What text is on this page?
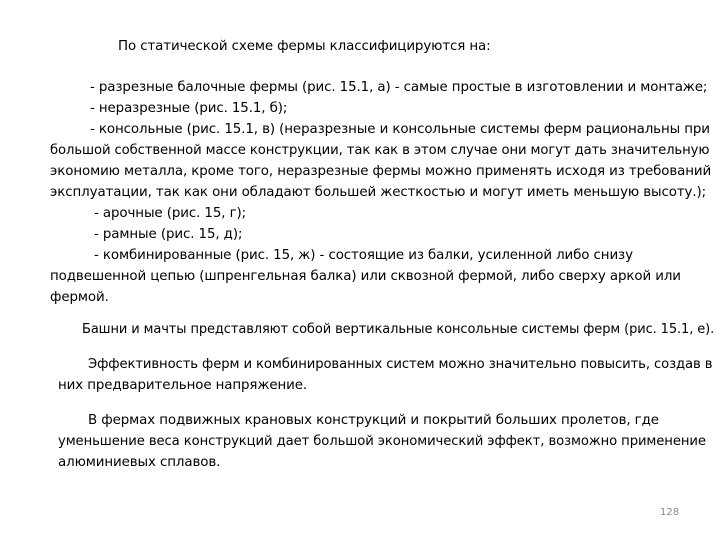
По статической схеме фермы классифицируются на:
- разрезные балочные фермы (рис. 15.1, а) - самые простые в изготовлении и монтаже;
- неразрезные (рис. 15.1, б);
- консольные (рис. 15.1, в) (неразрезные и консольные системы ферм рациональны при
большой собственной массе конструкции, так как в этом случае они могут дать значительную
экономию металла, кроме того, неразрезные фермы можно применять исходя из требований
эксплуатации, так как они обладают большей жесткостью и могут иметь меньшую высоту.);
- арочные (рис. 15, г);
- рамные (рис. 15, д);
- комбинированные (рис. 15, ж) - состоящие из балки, усиленной либо снизу
подвешенной цепью (шпренгельная балка) или сквозной фермой, либо сверху аркой или
фермой.
Башни и мачты представляют собой вертикальные консольные системы ферм (рис. 15.1, е).
Эффективность ферм и комбинированных систем можно значительно повысить, создав в
них предварительное напряжение.
В фермах подвижных крановых конструкций и покрытий больших пролетов, где
уменьшение веса конструкций дает большой экономический эффект, возможно применение
алюминиевых сплавов.
128
